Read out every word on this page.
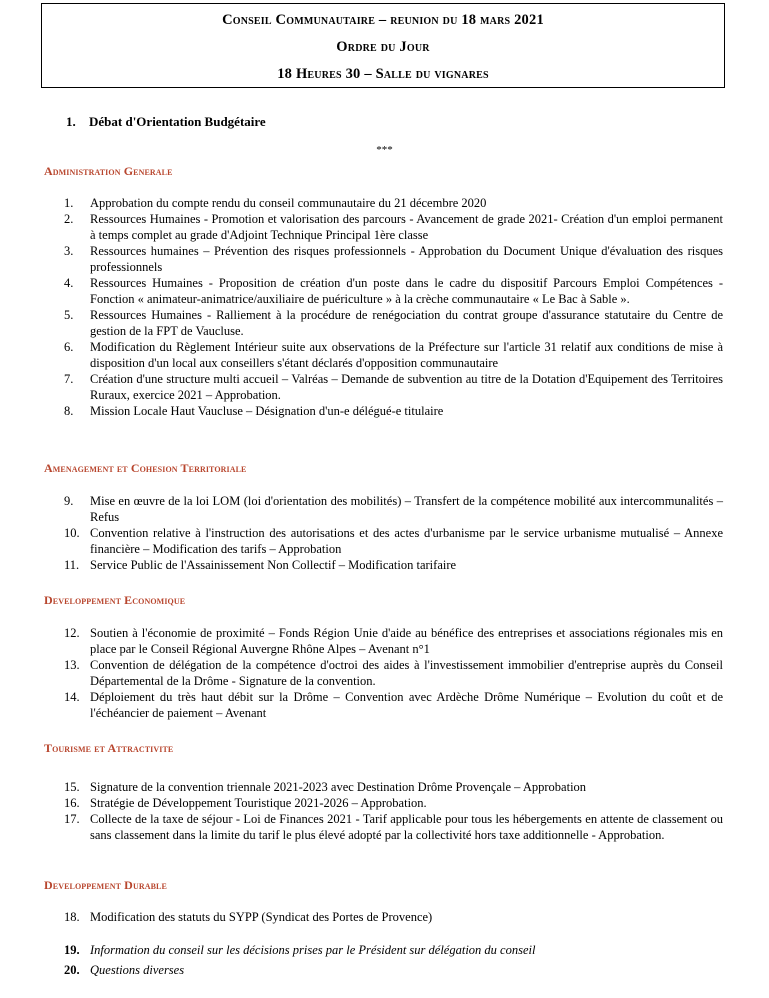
Conseil Communautaire – reunion du 18 mars 2021
Ordre du Jour
18 Heures 30 – Salle du vignares
1. Débat d'Orientation Budgétaire
***
Administration Generale
1.	Approbation du compte rendu du conseil communautaire du 21 décembre 2020
2.	Ressources Humaines - Promotion et valorisation des parcours - Avancement de grade 2021- Création d'un emploi permanent à temps complet au grade d'Adjoint Technique Principal 1ère classe
3.	Ressources humaines – Prévention des risques professionnels - Approbation du Document Unique d'évaluation des risques professionnels
4.	Ressources Humaines - Proposition de création d'un poste dans le cadre du dispositif Parcours Emploi Compétences - Fonction « animateur-animatrice/auxiliaire de puériculture » à la crèche communautaire « Le Bac à Sable ».
5.	Ressources Humaines - Ralliement à la procédure de renégociation du contrat groupe d'assurance statutaire du Centre de gestion de la FPT de Vaucluse.
6.	Modification du Règlement Intérieur suite aux observations de la Préfecture sur l'article 31 relatif aux conditions de mise à disposition d'un local aux conseillers s'étant déclarés d'opposition communautaire
7.	Création d'une structure multi accueil – Valréas – Demande de subvention au titre de la Dotation d'Equipement des Territoires Ruraux, exercice 2021 – Approbation.
8.	Mission Locale Haut Vaucluse – Désignation d'un-e délégué-e titulaire
Amenagement et Cohesion Territoriale
9.	Mise en œuvre de la loi LOM (loi d'orientation des mobilités) – Transfert de la compétence mobilité aux intercommunalités – Refus
10. Convention relative à l'instruction des autorisations et des actes d'urbanisme par le service urbanisme mutualisé – Annexe financière – Modification des tarifs – Approbation
11. Service Public de l'Assainissement Non Collectif – Modification tarifaire
Developpement Economique
12. Soutien à l'économie de proximité – Fonds Région Unie d'aide au bénéfice des entreprises et associations régionales mis en place par le Conseil Régional Auvergne Rhône Alpes – Avenant n°1
13. Convention de délégation de la compétence d'octroi des aides à l'investissement immobilier d'entreprise auprès du Conseil Départemental de la Drôme - Signature de la convention.
14. Déploiement du très haut débit sur la Drôme – Convention avec Ardèche Drôme Numérique – Evolution du coût et de l'échéancier de paiement – Avenant
Tourisme et Attractivite
15. Signature de la convention triennale 2021-2023 avec Destination Drôme Provençale – Approbation
16. Stratégie de Développement Touristique 2021-2026 – Approbation.
17. Collecte de la taxe de séjour - Loi de Finances 2021 - Tarif applicable pour tous les hébergements en attente de classement ou sans classement dans la limite du tarif le plus élevé adopté par la collectivité hors taxe additionnelle - Approbation.
Developpement Durable
18. Modification des statuts du SYPP (Syndicat des Portes de Provence)
19. Information du conseil sur les décisions prises par le Président sur délégation du conseil
20. Questions diverses
